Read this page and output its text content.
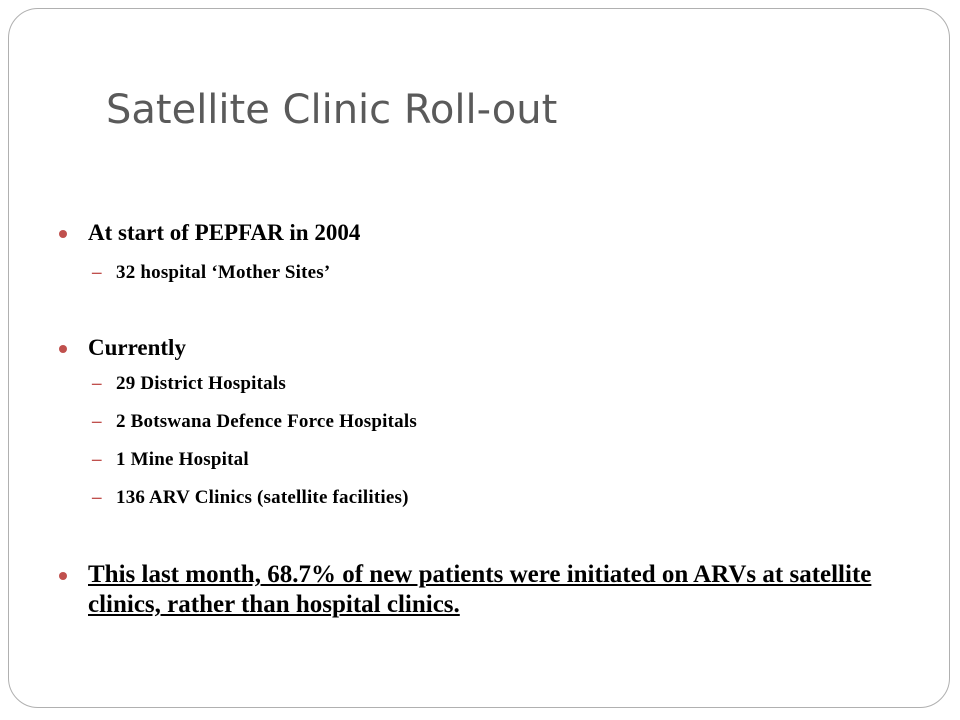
Satellite Clinic Roll-out
At start of PEPFAR in 2004
– 32 hospital ‘Mother Sites’
Currently
– 29 District Hospitals
– 2 Botswana Defence Force Hospitals
– 1 Mine Hospital
– 136 ARV Clinics (satellite facilities)

This last month, 68.7% of new patients were initiated on ARVs at satellite clinics, rather than hospital clinics.
